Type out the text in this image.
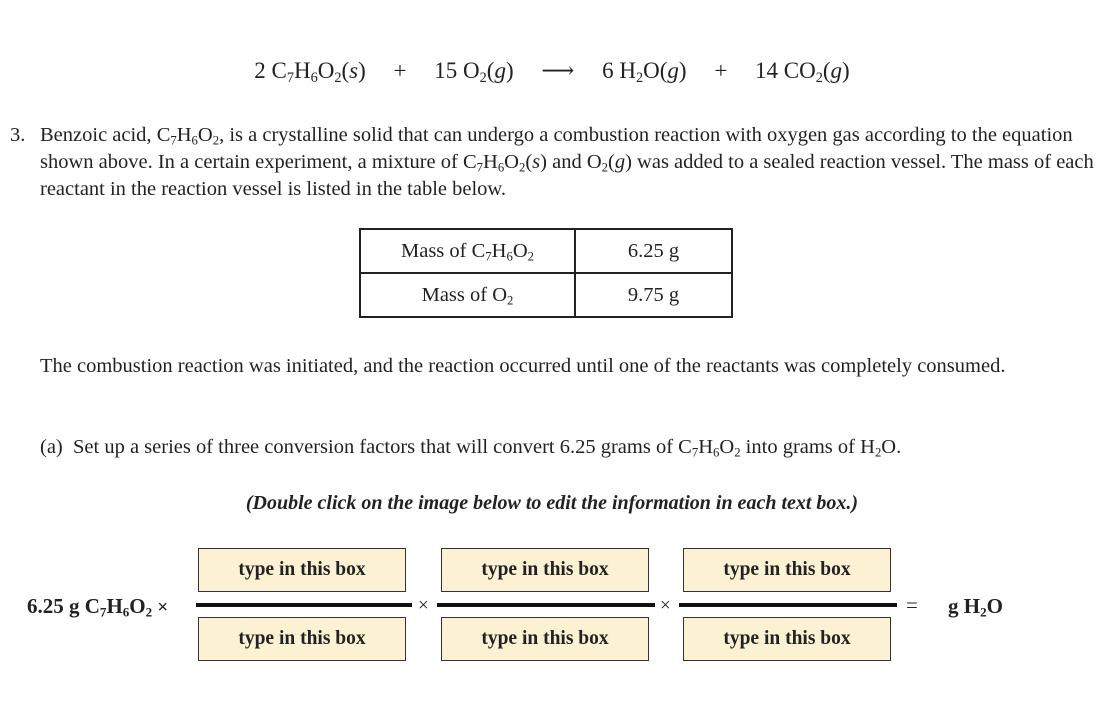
2 $C_7H_6O_2(s) + 15$ $O_2(g)$ ⟶ 6 $H_2O(g) + 14$ $CO_2(g)$
3. Benzoic acid, $C_7H_6O_2$, is a crystalline solid that can undergo a combustion reaction with oxygen gas according to the equation shown above. In a certain experiment, a mixture of $C_7H_6O_2(s)$ and $O_2(g)$ was added to a sealed reaction vessel. The mass of each reactant in the reaction vessel is listed in the table below.
Mass of $C_7H_6O_2$	6.25 g
Mass of $O_2$	9.75 g
The combustion reaction was initiated, and the reaction occurred until one of the reactants was completely consumed.
(a) Set up a series of three conversion factors that will convert 6.25 grams of $C_7H_6O_2$ into grams of $H_2O$.
(Double click on the image below to edit the information in each text box.)
6.25 g $C_7H_6O_2$ ×
type in this box
type in this box
×
type in this box
type in this box
×
type in this box
type in this box
= g $H_2O$
